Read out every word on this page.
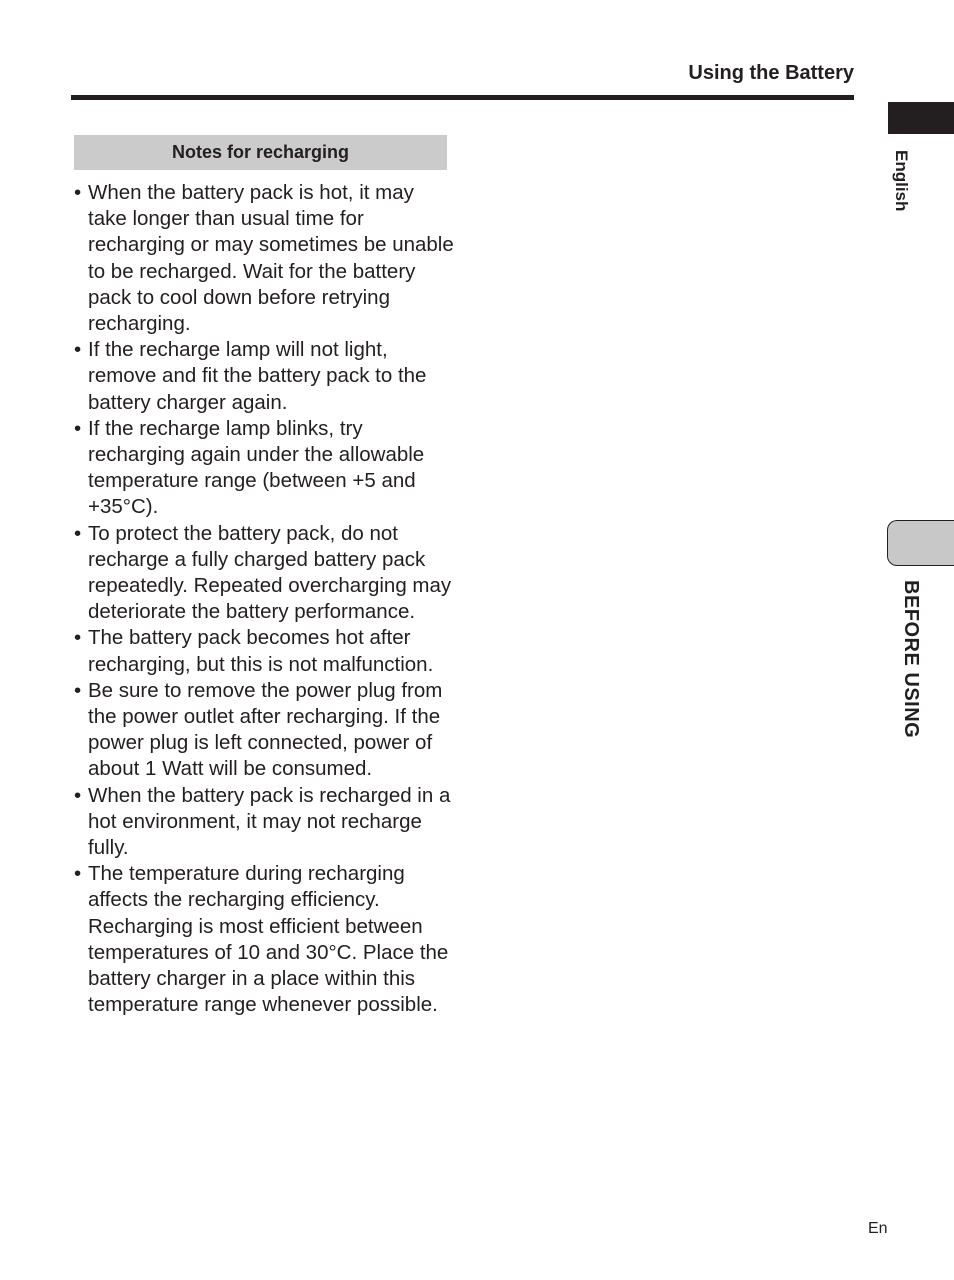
Using the Battery
English
BEFORE USING
Notes for recharging
• When the battery pack is hot, it may take longer than usual time for recharging or may sometimes be unable to be recharged. Wait for the battery pack to cool down before retrying recharging.
• If the recharge lamp will not light, remove and fit the battery pack to the battery charger again.
• If the recharge lamp blinks, try recharging again under the allowable temperature range (between +5 and +35°C).
• To protect the battery pack, do not recharge a fully charged battery pack repeatedly. Repeated overcharging may deteriorate the battery performance.
• The battery pack becomes hot after recharging, but this is not malfunction.
• Be sure to remove the power plug from the power outlet after recharging. If the power plug is left connected, power of about 1 Watt will be consumed.
• When the battery pack is recharged in a hot environment, it may not recharge fully.
• The temperature during recharging affects the recharging efficiency. Recharging is most efficient between temperatures of 10 and 30°C. Place the battery charger in a place within this temperature range whenever possible.
En
